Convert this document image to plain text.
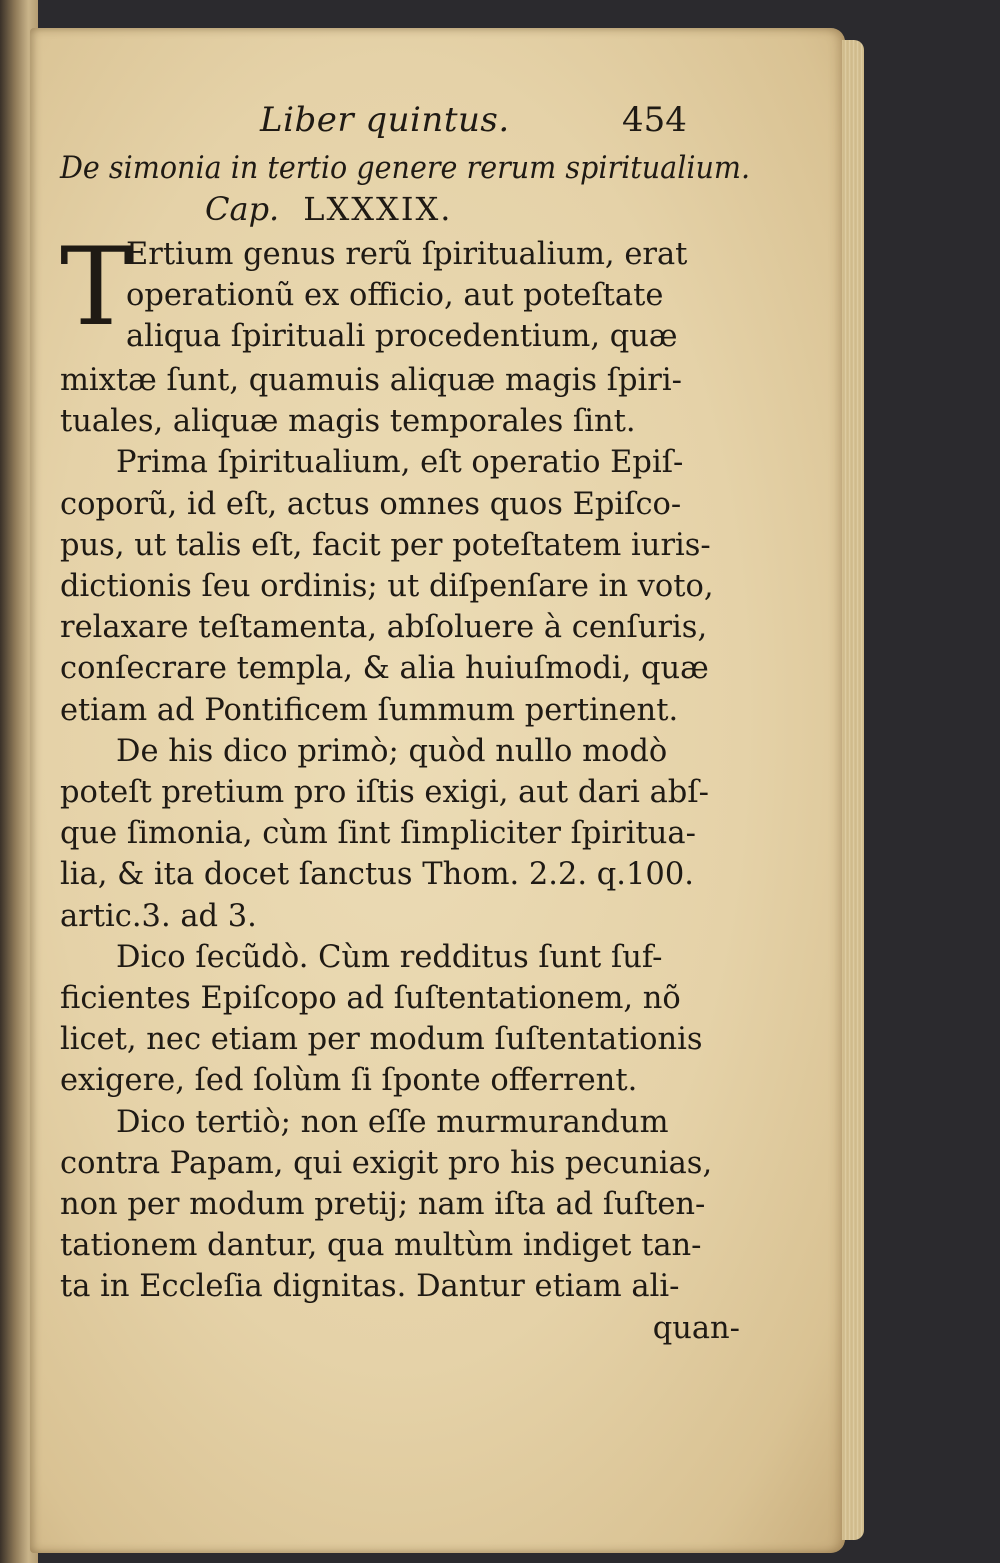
Liber quintus.	454
De simonia in tertio genere rerum spiritualium.
Cap. LXXXIX.
T
Ertium genus rerũ ſpiritualium, erat
operationũ ex officio, aut poteſtate
aliqua ſpirituali procedentium, quæ
mixtæ ſunt, quamuis aliquæ magis ſpiri-
tuales, aliquæ magis temporales ſint.
Prima ſpiritualium, eſt operatio Epiſ-
coporũ, id eſt, actus omnes quos Epiſco-
pus, ut talis eſt, facit per poteſtatem iuris-
dictionis ſeu ordinis; ut diſpenſare in voto,
relaxare teſtamenta, abſoluere à cenſuris,
conſecrare templa, & alia huiuſmodi, quæ
etiam ad Pontificem ſummum pertinent.
De his dico primò; quòd nullo modò
poteſt pretium pro iſtis exigi, aut dari abſ-
que ſimonia, cùm ſint ſimpliciter ſpiritua-
lia, & ita docet ſanctus Thom. 2.2. q.100.
artic.3. ad 3.
Dico ſecũdò. Cùm redditus ſunt ſuf-
ficientes Epiſcopo ad ſuſtentationem, nõ
licet, nec etiam per modum ſuſtentationis
exigere, ſed ſolùm ſi ſponte offerrent.
Dico tertiò; non eſſe murmurandum
contra Papam, qui exigit pro his pecunias,
non per modum pretij; nam iſta ad ſuſten-
tationem dantur, qua multùm indiget tan-
ta in Eccleſia dignitas. Dantur etiam ali-
quan-
